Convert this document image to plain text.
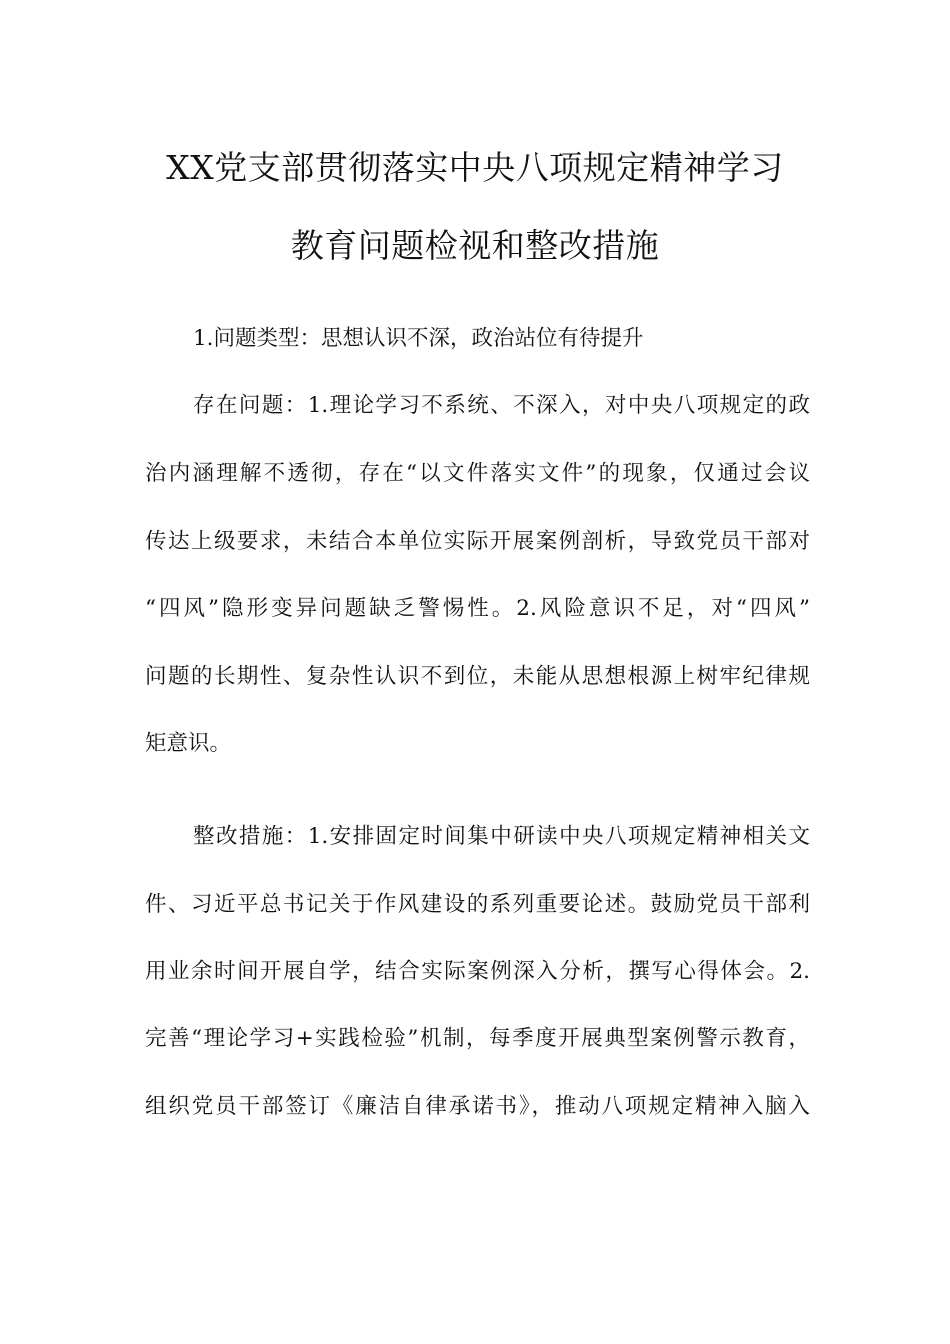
XX党支部贯彻落实中央八项规定精神学习
教育问题检视和整改措施
1.问题类型：思想认识不深，政治站位有待提升
存在问题：1.理论学习不系统、不深入，对中央八项规定的政
治内涵理解不透彻，存在“以文件落实文件”的现象，仅通过会议
传达上级要求，未结合本单位实际开展案例剖析，导致党员干部对
“四风”隐形变异问题缺乏警惕性。2.风险意识不足，对“四风”
问题的长期性、复杂性认识不到位，未能从思想根源上树牢纪律规
矩意识。
整改措施：1.安排固定时间集中研读中央八项规定精神相关文
件、习近平总书记关于作风建设的系列重要论述。鼓励党员干部利
用业余时间开展自学，结合实际案例深入分析，撰写心得体会。2.
完善“理论学习+实践检验”机制，每季度开展典型案例警示教育，
组织党员干部签订《廉洁自律承诺书》，推动八项规定精神入脑入
